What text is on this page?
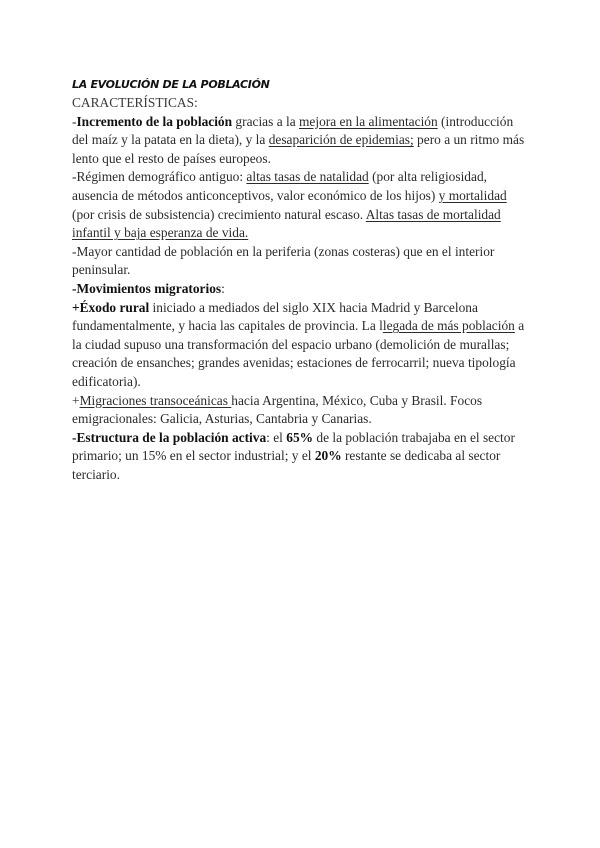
LA EVOLUCIÓN DE LA POBLACIÓN
CARACTERÍSTICAS:

-Incremento de la población gracias a la mejora en la alimentación (introducción del maíz y la patata en la dieta), y la desaparición de epidemias; pero a un ritmo más lento que el resto de países europeos.

-Régimen demográfico antiguo: altas tasas de natalidad (por alta religiosidad, ausencia de métodos anticonceptivos, valor económico de los hijos) y mortalidad (por crisis de subsistencia) crecimiento natural escaso. Altas tasas de mortalidad infantil y baja esperanza de vida.

-Mayor cantidad de población en la periferia (zonas costeras) que en el interior peninsular.

-Movimientos migratorios:

+Éxodo rural iniciado a mediados del siglo XIX hacia Madrid y Barcelona fundamentalmente, y hacia las capitales de provincia. La llegada de más población a la ciudad supuso una transformación del espacio urbano (demolición de murallas; creación de ensanches; grandes avenidas; estaciones de ferrocarril; nueva tipología edificatoria).

+Migraciones transoceánicas hacia Argentina, México, Cuba y Brasil. Focos emigracionales: Galicia, Asturias, Cantabria y Canarias.

-Estructura de la población activa: el 65% de la población trabajaba en el sector primario; un 15% en el sector industrial; y el 20% restante se dedicaba al sector terciario.
